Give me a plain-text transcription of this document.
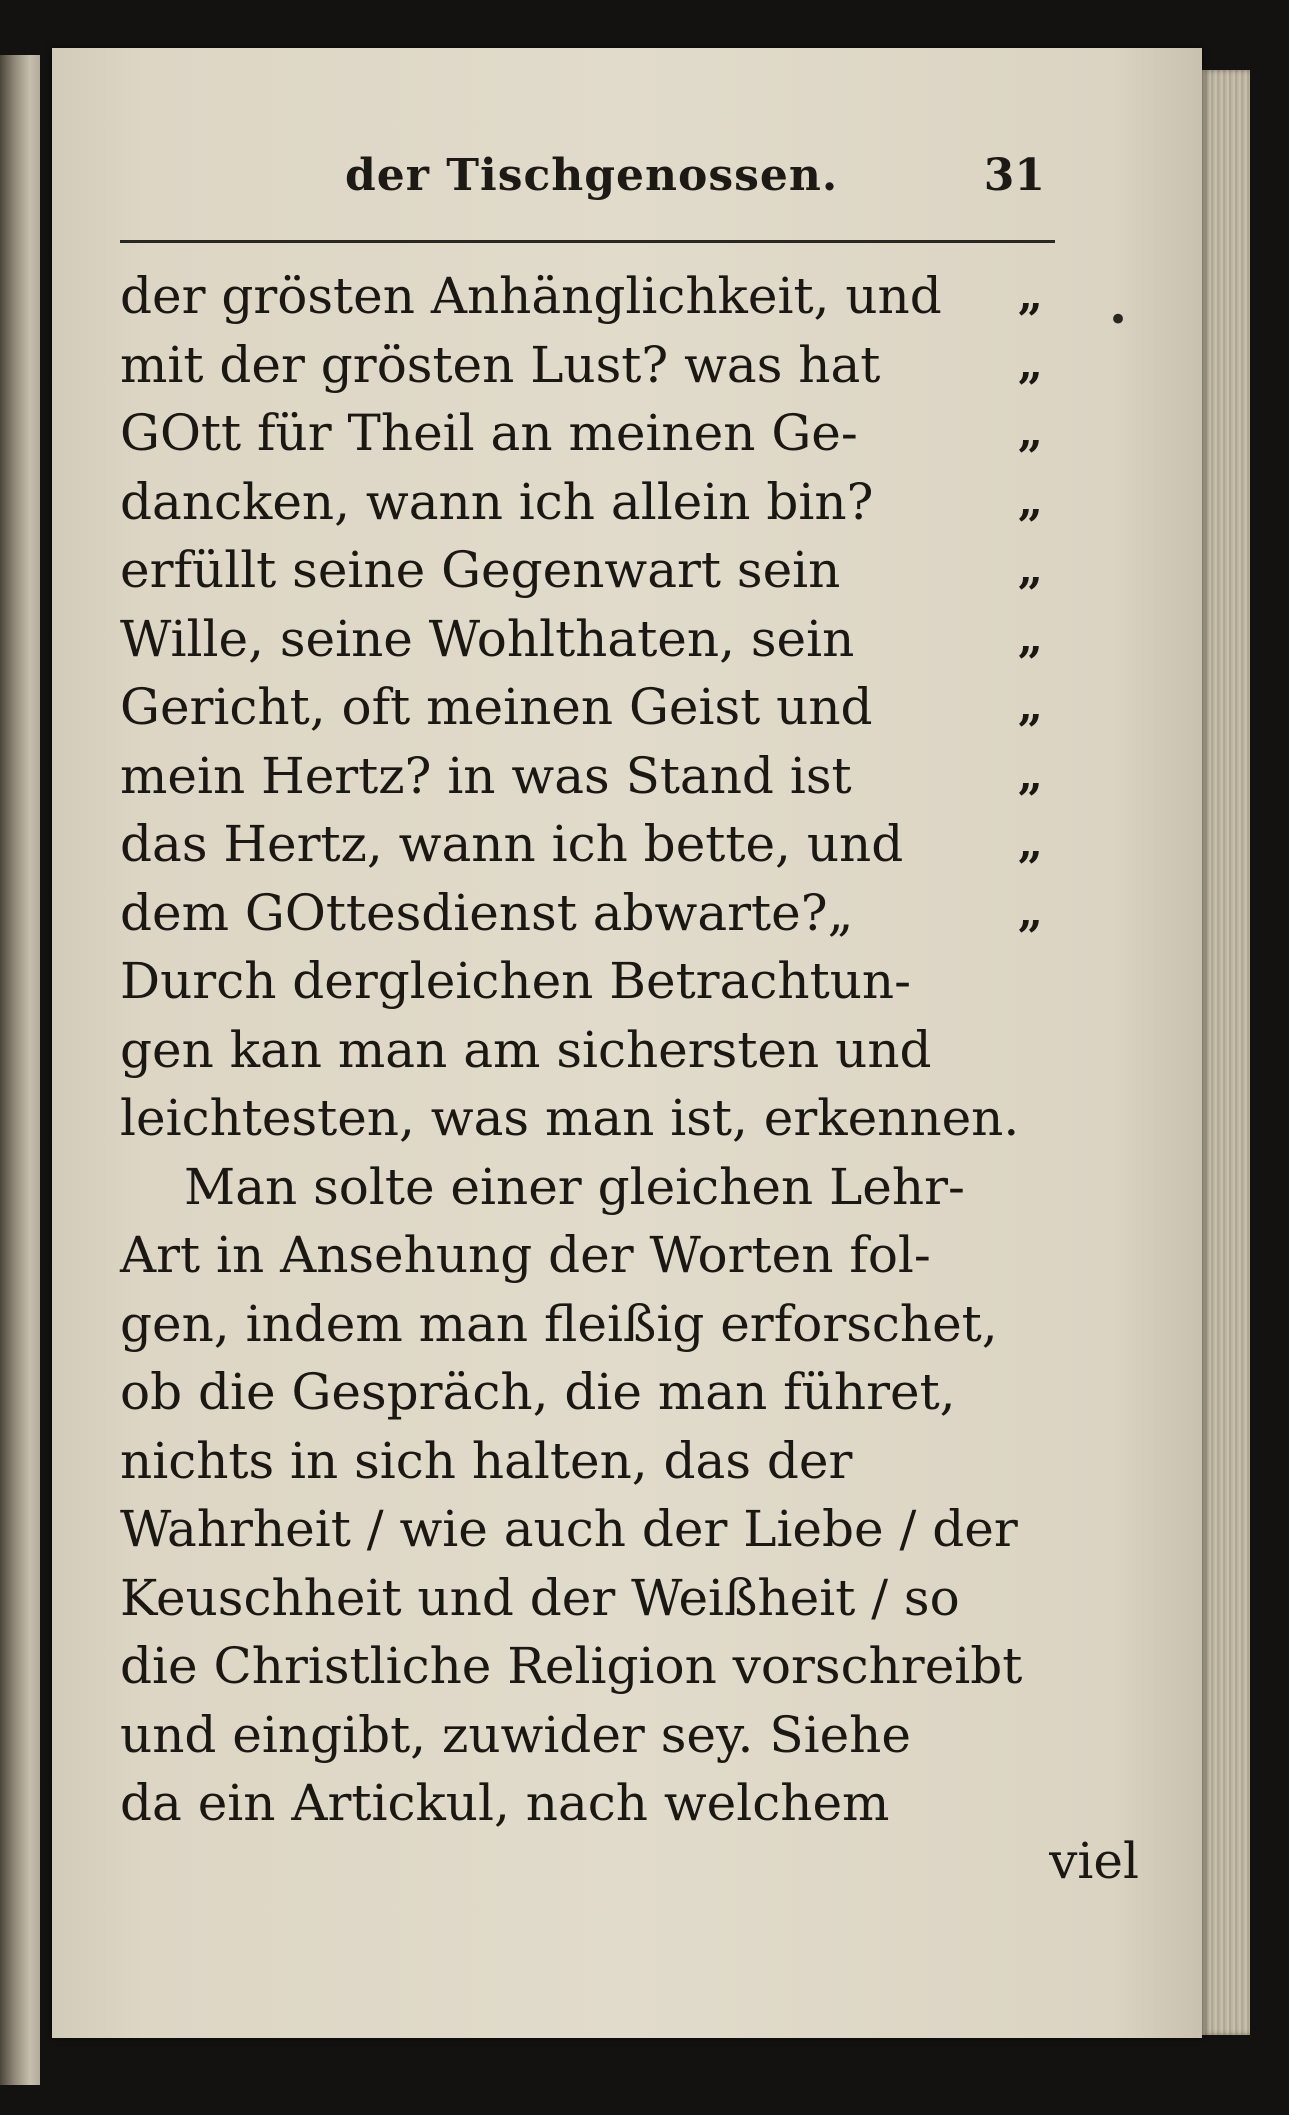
der Tischgenossen.	31
•
der grösten Anhänglichkeit, und „
mit der grösten Lust? was hat	„
GOtt für Theil an meinen Ge-	„
dancken, wann ich allein bin?	„
erfüllt seine Gegenwart sein	„
Wille, seine Wohlthaten, sein	„
Gericht, oft meinen Geist und	„
mein Hertz? in was Stand ist	„
das Hertz, wann ich bette, und	„
dem GOttesdienst abwarte?„	„
Durch dergleichen Betrachtun-
gen kan man am sichersten und
leichtesten, was man ist, erkennen.
Man solte einer gleichen Lehr-
Art in Ansehung der Worten fol-
gen, indem man fleißig erforschet,
ob die Gespräch, die man führet,
nichts in sich halten, das der
Wahrheit / wie auch der Liebe / der
Keuschheit und der Weißheit / so
die Christliche Religion vorschreibt
und eingibt, zuwider sey. Siehe
da ein Artickul, nach welchem
viel
